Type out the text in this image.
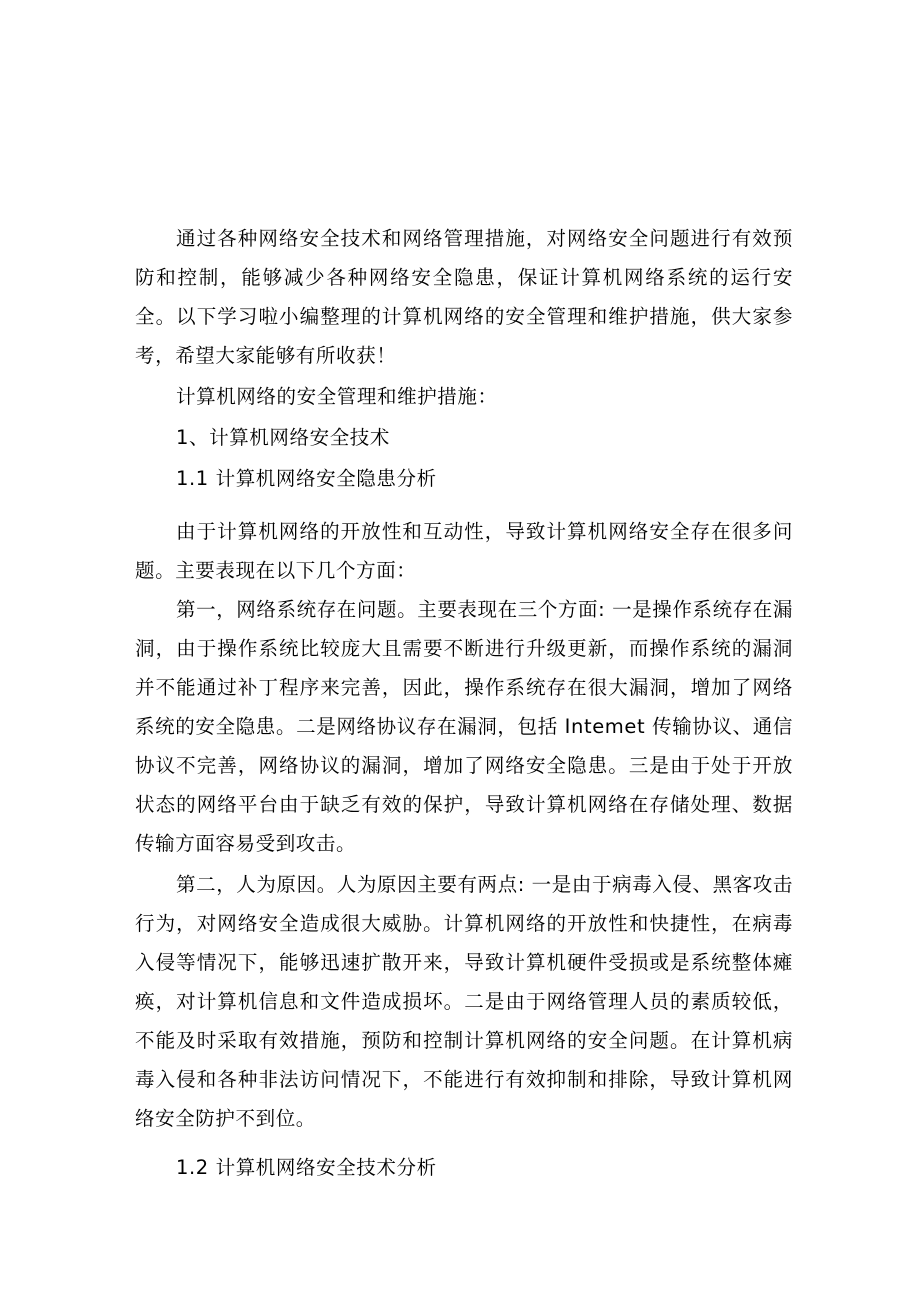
通过各种网络安全技术和网络管理措施，对网络安全问题进行有效预防和控制，能够减少各种网络安全隐患，保证计算机网络系统的运行安全。以下学习啦小编整理的计算机网络的安全管理和维护措施，供大家参考，希望大家能够有所收获！

计算机网络的安全管理和维护措施：

1、计算机网络安全技术

1.1 计算机网络安全隐患分析

由于计算机网络的开放性和互动性，导致计算机网络安全存在很多问题。主要表现在以下几个方面：

第一，网络系统存在问题。主要表现在三个方面: 一是操作系统存在漏洞，由于操作系统比较庞大且需要不断进行升级更新，而操作系统的漏洞并不能通过补丁程序来完善，因此，操作系统存在很大漏洞，增加了网络系统的安全隐患。二是网络协议存在漏洞，包括 Intemet 传输协议、通信协议不完善，网络协议的漏洞，增加了网络安全隐患。三是由于处于开放状态的网络平台由于缺乏有效的保护，导致计算机网络在存储处理、数据传输方面容易受到攻击。

第二，人为原因。人为原因主要有两点: 一是由于病毒入侵、黑客攻击行为，对网络安全造成很大威胁。计算机网络的开放性和快捷性，在病毒入侵等情况下，能够迅速扩散开来，导致计算机硬件受损或是系统整体瘫痪，对计算机信息和文件造成损坏。二是由于网络管理人员的素质较低，不能及时采取有效措施，预防和控制计算机网络的安全问题。在计算机病毒入侵和各种非法访问情况下，不能进行有效抑制和排除，导致计算机网络安全防护不到位。

1.2 计算机网络安全技术分析
